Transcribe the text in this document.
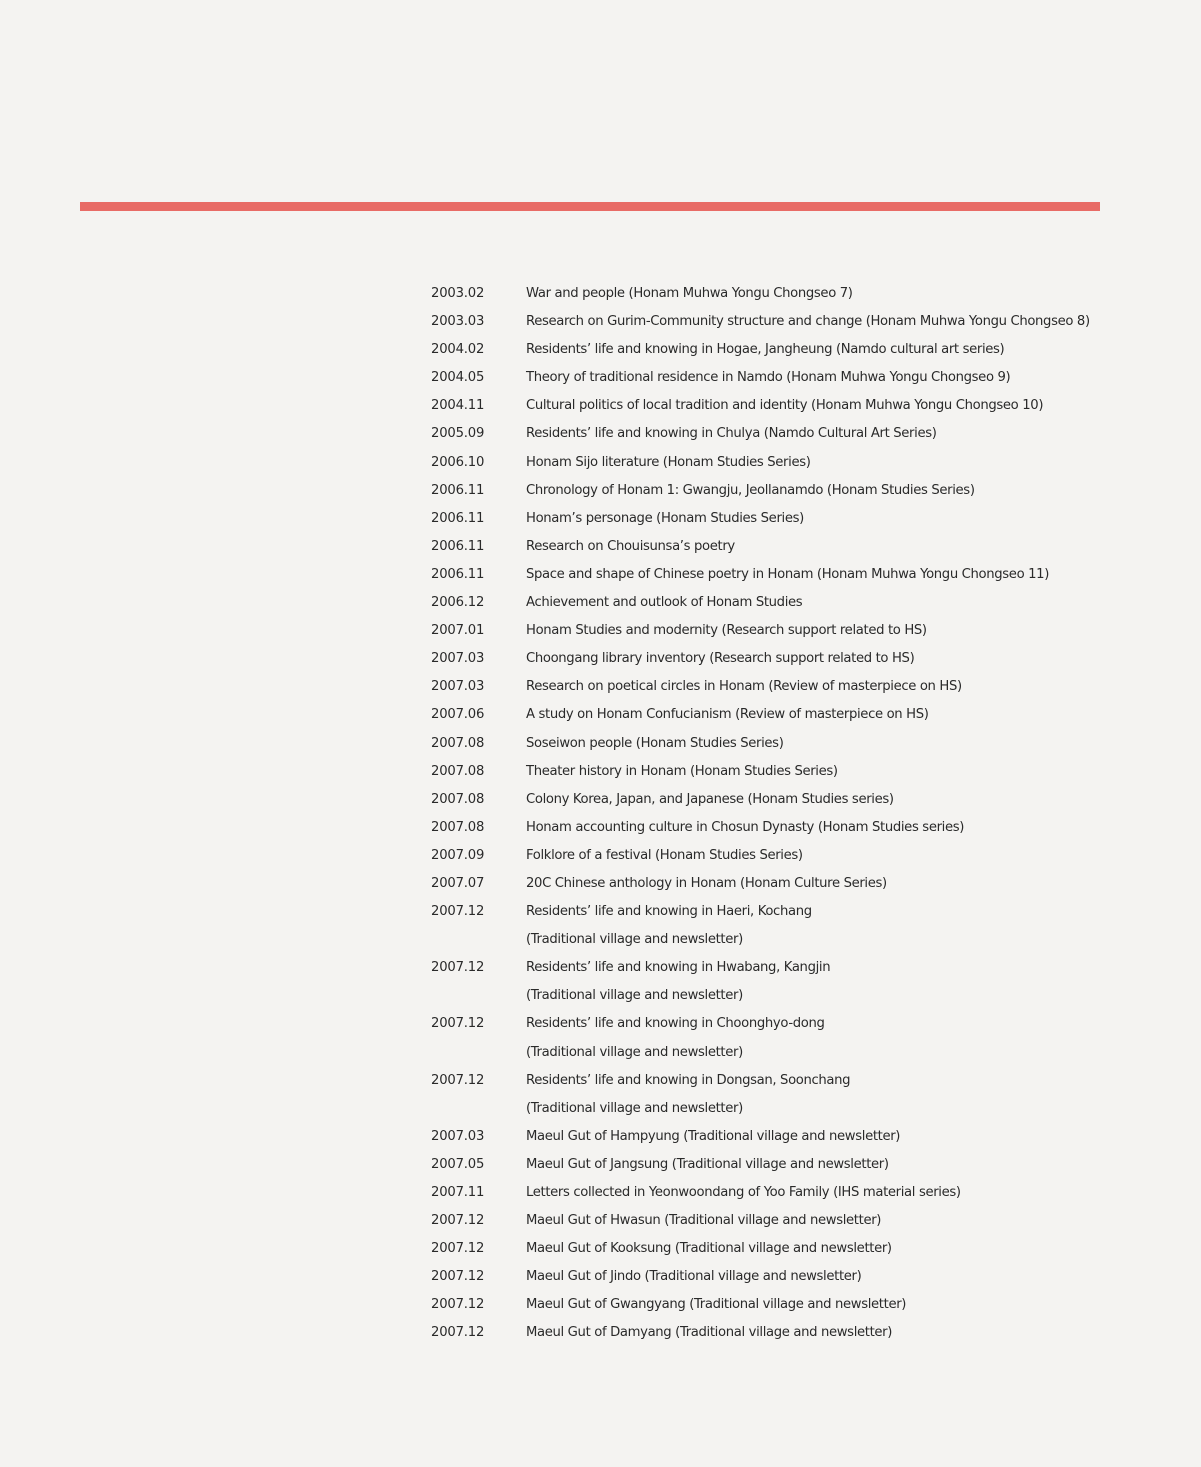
2003.02	War and people (Honam Muhwa Yongu Chongseo 7)
2003.03	Research on Gurim-Community structure and change (Honam Muhwa Yongu Chongseo 8)
2004.02	Residents’ life and knowing in Hogae, Jangheung (Namdo cultural art series)
2004.05	Theory of traditional residence in Namdo (Honam Muhwa Yongu Chongseo 9)
2004.11	Cultural politics of local tradition and identity (Honam Muhwa Yongu Chongseo 10)
2005.09	Residents’ life and knowing in Chulya (Namdo Cultural Art Series)
2006.10	Honam Sijo literature (Honam Studies Series)
2006.11	Chronology of Honam 1: Gwangju, Jeollanamdo (Honam Studies Series)
2006.11	Honam’s personage (Honam Studies Series)
2006.11	Research on Chouisunsa’s poetry
2006.11	Space and shape of Chinese poetry in Honam (Honam Muhwa Yongu Chongseo 11)
2006.12	Achievement and outlook of Honam Studies
2007.01	Honam Studies and modernity (Research support related to HS)
2007.03	Choongang library inventory (Research support related to HS)
2007.03	Research on poetical circles in Honam (Review of masterpiece on HS)
2007.06	A study on Honam Confucianism (Review of masterpiece on HS)
2007.08	Soseiwon people (Honam Studies Series)
2007.08	Theater history in Honam (Honam Studies Series)
2007.08	Colony Korea, Japan, and Japanese (Honam Studies series)
2007.08	Honam accounting culture in Chosun Dynasty (Honam Studies series)
2007.09	Folklore of a festival (Honam Studies Series)
2007.07	20C Chinese anthology in Honam (Honam Culture Series)
2007.12	Residents’ life and knowing in Haeri, Kochang
(Traditional village and newsletter)
2007.12	Residents’ life and knowing in Hwabang, Kangjin
(Traditional village and newsletter)
2007.12	Residents’ life and knowing in Choonghyo-dong
(Traditional village and newsletter)
2007.12	Residents’ life and knowing in Dongsan, Soonchang
(Traditional village and newsletter)
2007.03	Maeul Gut of Hampyung (Traditional village and newsletter)
2007.05	Maeul Gut of Jangsung (Traditional village and newsletter)
2007.11	Letters collected in Yeonwoondang of Yoo Family (IHS material series)
2007.12	Maeul Gut of Hwasun (Traditional village and newsletter)
2007.12	Maeul Gut of Kooksung (Traditional village and newsletter)
2007.12	Maeul Gut of Jindo (Traditional village and newsletter)
2007.12	Maeul Gut of Gwangyang (Traditional village and newsletter)
2007.12	Maeul Gut of Damyang (Traditional village and newsletter)
